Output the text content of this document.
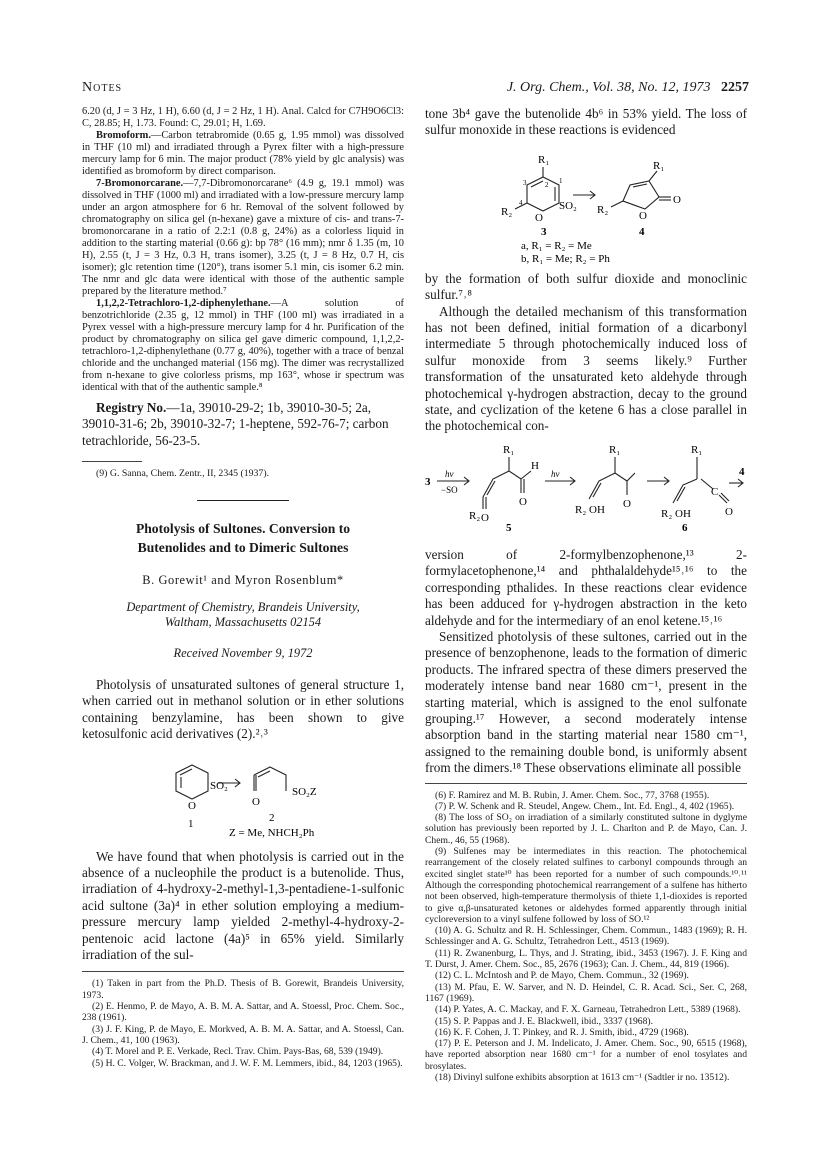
Notes	J. Org. Chem., Vol. 38, No. 12, 1973 2257

6.20 (d, J = 3 Hz, 1 H), 6.60 (d, J = 2 Hz, 1 H). Anal. Calcd for C7H9O6Cl3: C, 28.85; H, 1.73. Found: C, 29.01; H, 1.69.

Bromoform.—Carbon tetrabromide (0.65 g, 1.95 mmol) was dissolved in THF (10 ml) and irradiated through a Pyrex filter with a high-pressure mercury lamp for 6 min. The major product (78% yield by glc analysis) was identified as bromoform by direct comparison.

7-Bromonorcarane.—7,7-Dibromonorcarane⁶ (4.9 g, 19.1 mmol) was dissolved in THF (1000 ml) and irradiated with a low-pressure mercury lamp under an argon atmosphere for 6 hr. Removal of the solvent followed by chromatography on silica gel (n-hexane) gave a mixture of cis- and trans-7-bromonorcarane in a ratio of 2.2:1 (0.8 g, 24%) as a colorless liquid in addition to the starting material (0.66 g): bp 78° (16 mm); nmr δ 1.35 (m, 10 H), 2.55 (t, J = 3 Hz, 0.3 H, trans isomer), 3.25 (t, J = 8 Hz, 0.7 H, cis isomer); glc retention time (120°), trans isomer 5.1 min, cis isomer 6.2 min. The nmr and glc data were identical with those of the authentic sample prepared by the literature method.⁷

1,1,2,2-Tetrachloro-1,2-diphenylethane.—A solution of benzotrichloride (2.35 g, 12 mmol) in THF (100 ml) was irradiated in a Pyrex vessel with a high-pressure mercury lamp for 4 hr. Purification of the product by chromatography on silica gel gave dimeric compound, 1,1,2,2-tetrachloro-1,2-diphenylethane (0.77 g, 40%), together with a trace of benzal chloride and the unchanged material (156 mg). The dimer was recrystallized from n-hexane to give colorless prisms, mp 163°, whose ir spectrum was identical with that of the authentic sample.⁸

Registry No.—1a, 39010-29-2; 1b, 39010-30-5; 2a, 39010-31-6; 2b, 39010-32-7; 1-heptene, 592-76-7; carbon tetrachloride, 56-23-5.

(9) G. Sanna, Chem. Zentr., II, 2345 (1937).

Photolysis of Sultones. Conversion to
Butenolides and to Dimeric Sultones
B. Gorewit¹ and Myron Rosenblum*
Department of Chemistry, Brandeis University,
Waltham, Massachusetts 02154
Received November 9, 1972

Photolysis of unsaturated sultones of general structure 1, when carried out in methanol solution or in ether solutions containing benzylamine, has been shown to give ketosulfonic acid derivatives (2).²˒³

SO₂
O
SO₂Z
O
1	2
Z = Me, NHCH₂Ph

We have found that when photolysis is carried out in the absence of a nucleophile the product is a butenolide. Thus, irradiation of 4-hydroxy-2-methyl-1,3-pentadiene-1-sulfonic acid sultone (3a)⁴ in ether solution employing a medium-pressure mercury lamp yielded 2-methyl-4-hydroxy-2-pentenoic acid lactone (4a)⁵ in 65% yield. Similarly irradiation of the sul-

(1) Taken in part from the Ph.D. Thesis of B. Gorewit, Brandeis University, 1973.

(2) E. Henmo, P. de Mayo, A. B. M. A. Sattar, and A. Stoessl, Proc. Chem. Soc., 238 (1961).

(3) J. F. King, P. de Mayo, E. Morkved, A. B. M. A. Sattar, and A. Stoessl, Can. J. Chem., 41, 100 (1963).

(4) T. Morel and P. E. Verkade, Recl. Trav. Chim. Pays-Bas, 68, 539 (1949).

(5) H. C. Volger, W. Brackman, and J. W. F. M. Lemmers, ibid., 84, 1203 (1965).

tone 3b⁴ gave the butenolide 4b⁶ in 53% yield. The loss of sulfur monoxide in these reactions is evidenced

R₁	R₁
R₂	R₂
O
SO₂
2
3	1
4
O
O
3	4
a, R₁ = R₂ = Me
b, R₁ = Me; R₂ = Ph

by the formation of both sulfur dioxide and monoclinic sulfur.⁷˒⁸

Although the detailed mechanism of this transformation has not been defined, initial formation of a dicarbonyl intermediate 5 through photochemically induced loss of sulfur monoxide from 3 seems likely.⁹ Further transformation of the unsaturated keto aldehyde through photochemical γ-hydrogen abstraction, decay to the ground state, and cyclization of the ketene 6 has a close parallel in the photochemical con-

3
hν
−SO
hν
R₁	R₁	R₁
H
R₂ O
O
R₂ OH O
C
R₂ OH	O
5	6
4

version of 2-formylbenzophenone,¹³ 2-formylacetophenone,¹⁴ and phthalaldehyde¹⁵˒¹⁶ to the corresponding pthalides. In these reactions clear evidence has been adduced for γ-hydrogen abstraction in the keto aldehyde and for the intermediary of an enol ketene.¹⁵˒¹⁶

Sensitized photolysis of these sultones, carried out in the presence of benzophenone, leads to the formation of dimeric products. The infrared spectra of these dimers preserved the moderately intense band near 1680 cm⁻¹, present in the starting material, which is assigned to the enol sulfonate grouping.¹⁷ However, a second moderately intense absorption band in the starting material near 1580 cm⁻¹, assigned to the remaining double bond, is uniformly absent from the dimers.¹⁸ These observations eliminate all possible

(6) F. Ramirez and M. B. Rubin, J. Amer. Chem. Soc., 77, 3768 (1955).

(7) P. W. Schenk and R. Steudel, Angew. Chem., Int. Ed. Engl., 4, 402 (1965).

(8) The loss of SO₂ on irradiation of a similarly constituted sultone in dyglyme solution has previously been reported by J. L. Charlton and P. de Mayo, Can. J. Chem., 46, 55 (1968).

(9) Sulfenes may be intermediates in this reaction. The photochemical rearrangement of the closely related sulfines to carbonyl compounds through an excited singlet state¹⁰ has been reported for a number of such compounds.¹⁰˒¹¹ Although the corresponding photochemical rearrangement of a sulfene has hitherto not been observed, high-temperature thermolysis of thiete 1,1-dioxides is reported to give α,β-unsaturated ketones or aldehydes formed apparently through initial cycloreversion to a vinyl sulfene followed by loss of SO.¹²

(10) A. G. Schultz and R. H. Schlessinger, Chem. Commun., 1483 (1969); R. H. Schlessinger and A. G. Schultz, Tetrahedron Lett., 4513 (1969).

(11) R. Zwanenburg, L. Thys, and J. Strating, ibid., 3453 (1967). J. F. King and T. Durst, J. Amer. Chem. Soc., 85, 2676 (1963); Can. J. Chem., 44, 819 (1966).

(12) C. L. McIntosh and P. de Mayo, Chem. Commun., 32 (1969).

(13) M. Pfau, E. W. Sarver, and N. D. Heindel, C. R. Acad. Sci., Ser. C, 268, 1167 (1969).

(14) P. Yates, A. C. Mackay, and F. X. Garneau, Tetrahedron Lett., 5389 (1968).

(15) S. P. Pappas and J. E. Blackwell, ibid., 3337 (1968).

(16) K. F. Cohen, J. T. Pinkey, and R. J. Smith, ibid., 4729 (1968).

(17) P. E. Peterson and J. M. Indelicato, J. Amer. Chem. Soc., 90, 6515 (1968), have reported absorption near 1680 cm⁻¹ for a number of enol tosylates and brosylates.

(18) Divinyl sulfone exhibits absorption at 1613 cm⁻¹ (Sadtler ir no. 13512).
